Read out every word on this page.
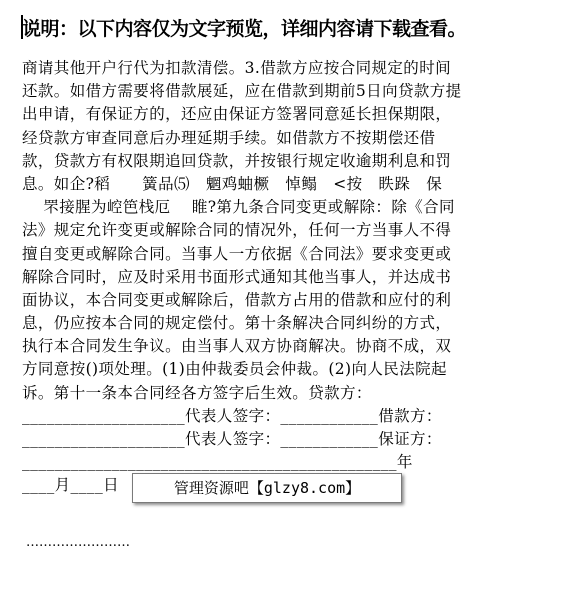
说明：以下内容仅为文字预览，详细内容请下载查看。
商请其他开户行代为扣款清偿。3.借款方应按合同规定的时间
还款。如借方需要将借款展延，应在借款到期前5日向贷款方提
出申请，有保证方的，还应由保证方签署同意延长担保期限，
经贷款方审查同意后办理延期手续。如借款方不按期偿还借
款，贷款方有权限期追回贷款，并按银行规定收逾期利息和罚
息。如企?稻      簧品⑸   魍鸡蚰橛   悼鳎   <按   眣跺   保
罘接腥为崆笆栈厄    睢?第九条合同变更或解除：除《合同
法》规定允许变更或解除合同的情况外，任何一方当事人不得
擅自变更或解除合同。当事人一方依据《合同法》要求变更或
解除合同时，应及时采用书面形式通知其他当事人，并达成书
面协议，本合同变更或解除后，借款方占用的借款和应付的利
息，仍应按本合同的规定偿付。第十条解决合同纠纷的方式，
执行本合同发生争议。由当事人双方协商解决。协商不成，双
方同意按()项处理。(1)由仲裁委员会仲裁。(2)向人民法院起
诉。第十一条本合同经各方签字后生效。贷款方：
____________________代表人签字：____________借款方：
____________________代表人签字：____________保证方：
______________________________________________年
____月____日	管理资源吧【glzy8.com】
……………………
